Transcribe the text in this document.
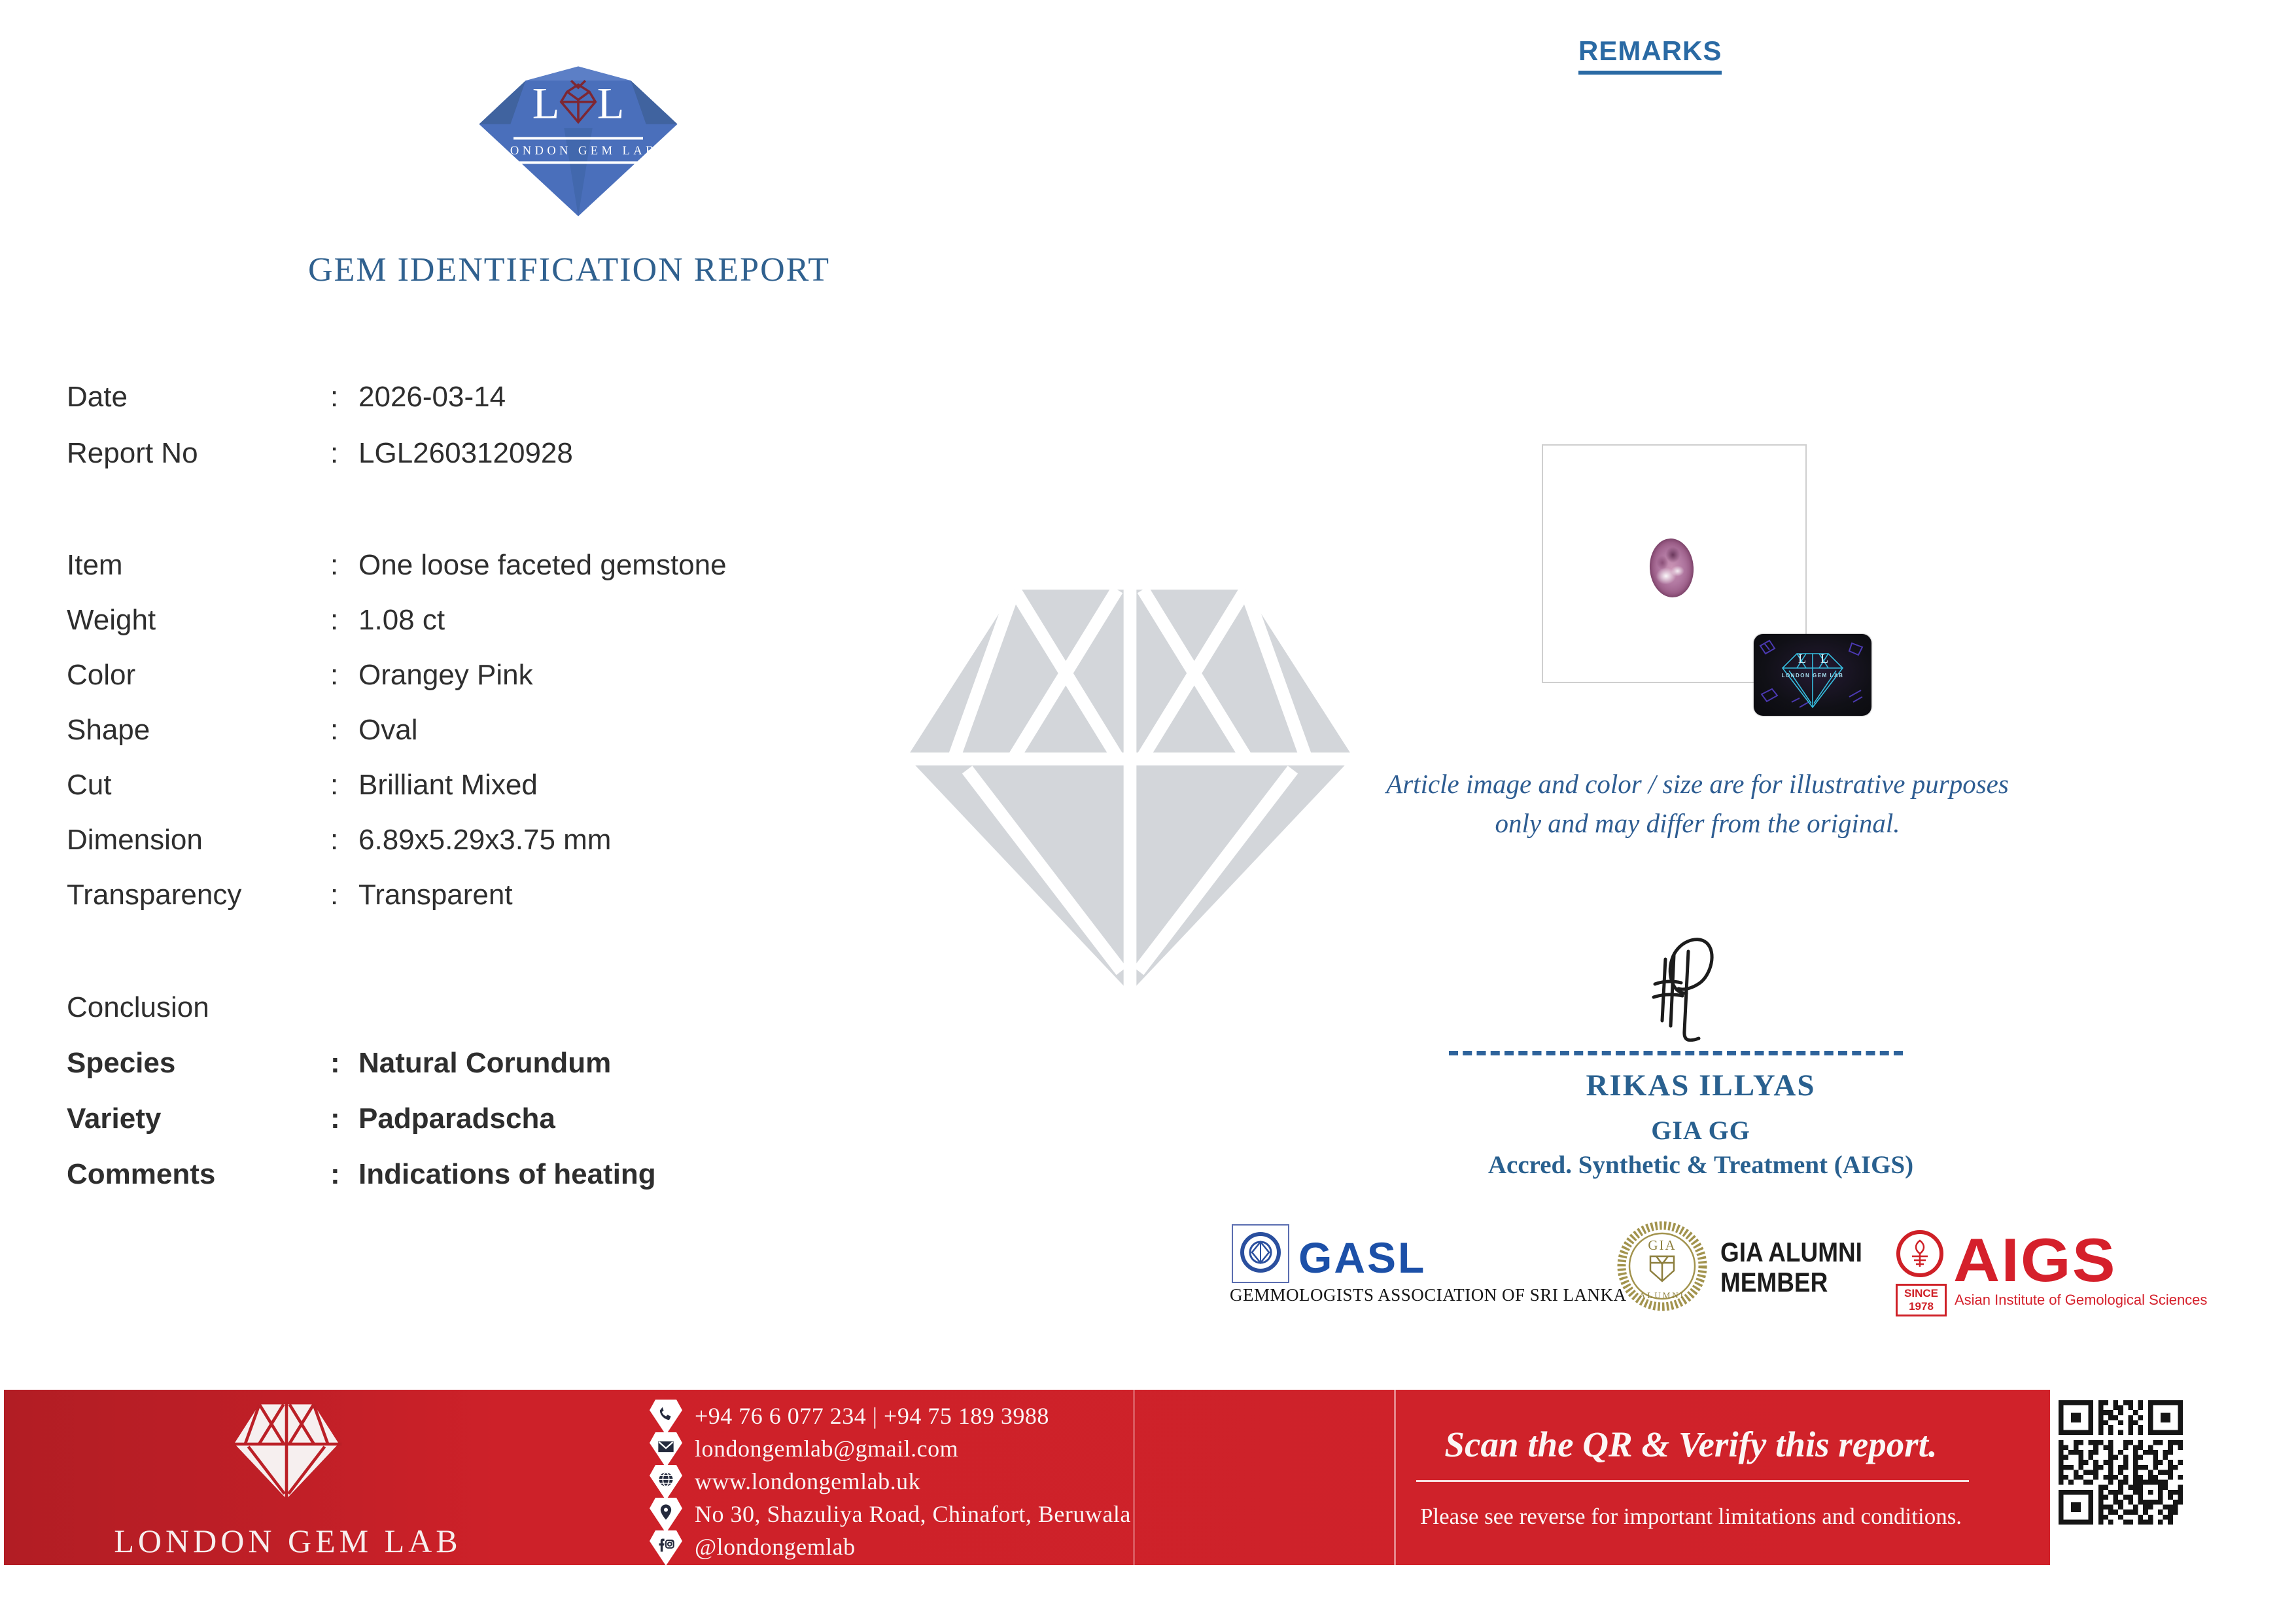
L L
LONDON GEM LAB
GEM IDENTIFICATION REPORT
REMARKS
Date	: 2026-03-14
Report No	: LGL2603120928
Item	: One loose faceted gemstone
Weight	: 1.08 ct
Color	: Orangey Pink
Shape	: Oval
Cut	: Brilliant Mixed
Dimension	: 6.89x5.29x3.75 mm
Transparency	: Transparent
Conclusion
Species	: Natural Corundum
Variety	: Padparadscha
Comments	: Indications of heating
L L
LONDON GEM LAB
Article image and color / size are for illustrative purposes
only and may differ from the original.
RIKAS ILLYAS
GIA GG
Accred. Synthetic & Treatment (AIGS)
GASL
GEMMOLOGISTS ASSOCIATION OF SRI LANKA
GIA
ALUMNI
GIA ALUMNI
MEMBER	SINCE
1978
AIGS
Asian Institute of Gemological Sciences
LONDON GEM LAB
+94 76 6 077 234 | +94 75 189 3988
londongemlab@gmail.com
www.londongemlab.uk
No 30, Shazuliya Road, Chinafort, Beruwala
@londongemlab
Scan the QR & Verify this report.
Please see reverse for important limitations and conditions.
